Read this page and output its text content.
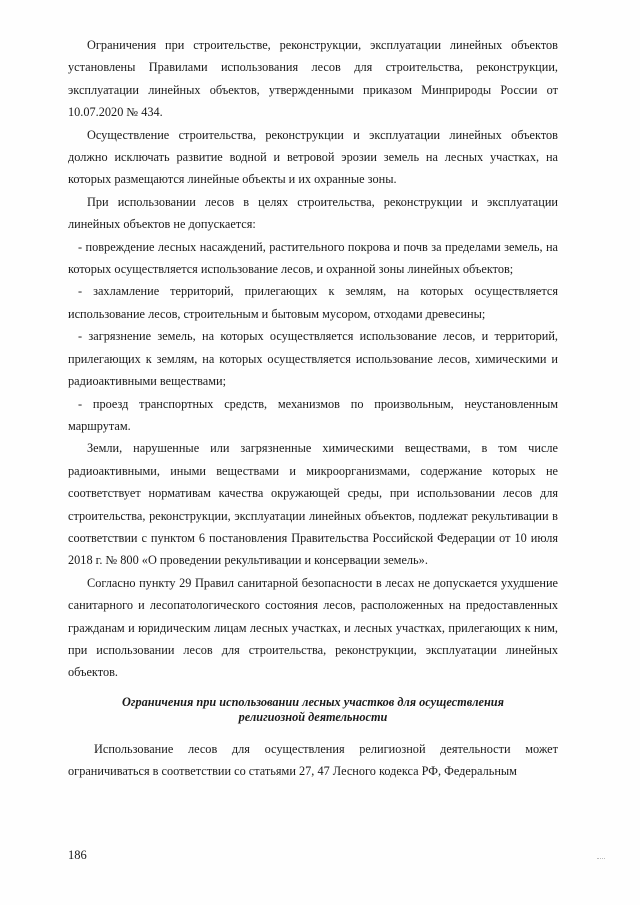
Ограничения при строительстве, реконструкции, эксплуатации линейных объектов установлены Правилами использования лесов для строительства, реконструкции, эксплуатации линейных объектов, утвержденными приказом Минприроды России от 10.07.2020 № 434.

Осуществление строительства, реконструкции и эксплуатации линейных объектов должно исключать развитие водной и ветровой эрозии земель на лесных участках, на которых размещаются линейные объекты и их охранные зоны.

При использовании лесов в целях строительства, реконструкции и эксплуатации линейных объектов не допускается:

- повреждение лесных насаждений, растительного покрова и почв за пределами земель, на которых осуществляется использование лесов, и охранной зоны линейных объектов;

- захламление территорий, прилегающих к землям, на которых осуществляется использование лесов, строительным и бытовым мусором, отходами древесины;

- загрязнение земель, на которых осуществляется использование лесов, и территорий, прилегающих к землям, на которых осуществляется использование лесов, химическими и радиоактивными веществами;

- проезд транспортных средств, механизмов по произвольным, неустановленным маршрутам.

Земли, нарушенные или загрязненные химическими веществами, в том числе радиоактивными, иными веществами и микроорганизмами, содержание которых не соответствует нормативам качества окружающей среды, при использовании лесов для строительства, реконструкции, эксплуатации линейных объектов, подлежат рекультивации в соответствии с пунктом 6 постановления Правительства Российской Федерации от 10 июля 2018 г. № 800 «О проведении рекультивации и консервации земель».

Согласно пункту 29 Правил санитарной безопасности в лесах не допускается ухудшение санитарного и лесопатологического состояния лесов, расположенных на предоставленных гражданам и юридическим лицам лесных участках, и лесных участках, прилегающих к ним, при использовании лесов для строительства, реконструкции, эксплуатации линейных объектов.

Ограничения при использовании лесных участков для осуществления религиозной деятельности

Использование лесов для осуществления религиозной деятельности может ограничиваться в соответствии со статьями 27, 47 Лесного кодекса РФ, Федеральным

186
